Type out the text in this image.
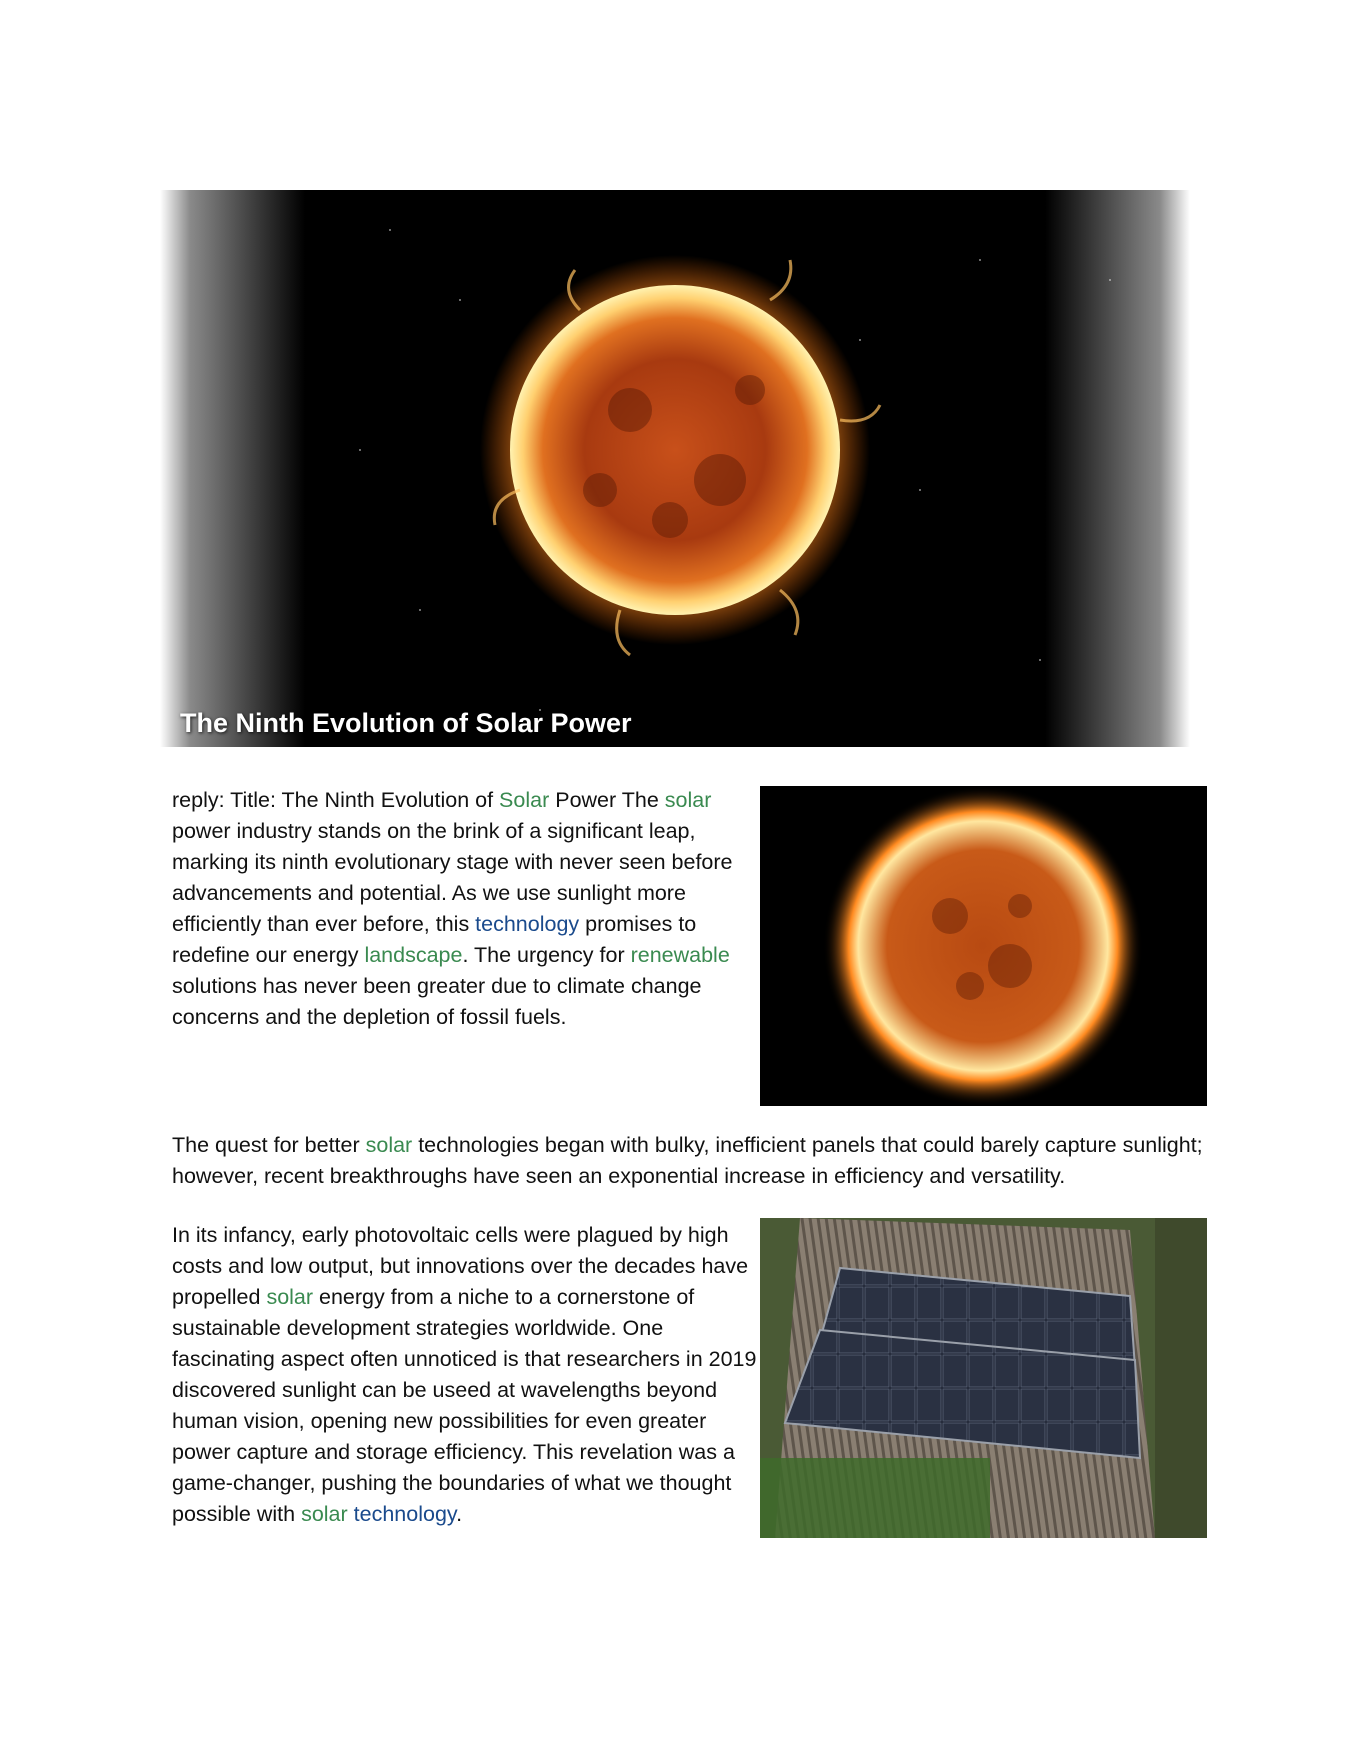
The Ninth Evolution of Solar Power

reply: Title: The Ninth Evolution of Solar Power The solar power industry stands on the brink of a significant leap, marking its ninth evolutionary stage with never seen before advancements and potential. As we use sunlight more efficiently than ever before, this technology promises to redefine our energy landscape. The urgency for renewable solutions has never been greater due to climate change concerns and the depletion of fossil fuels.

The quest for better solar technologies began with bulky, inefficient panels that could barely capture sunlight; however, recent breakthroughs have seen an exponential increase in efficiency and versatility.

In its infancy, early photovoltaic cells were plagued by high costs and low output, but innovations over the decades have propelled solar energy from a niche to a cornerstone of sustainable development strategies worldwide. One fascinating aspect often unnoticed is that researchers in 2019 discovered sunlight can be useed at wavelengths beyond human vision, opening new possibilities for even greater power capture and storage efficiency. This revelation was a game-changer, pushing the boundaries of what we thought possible with solar technology.
